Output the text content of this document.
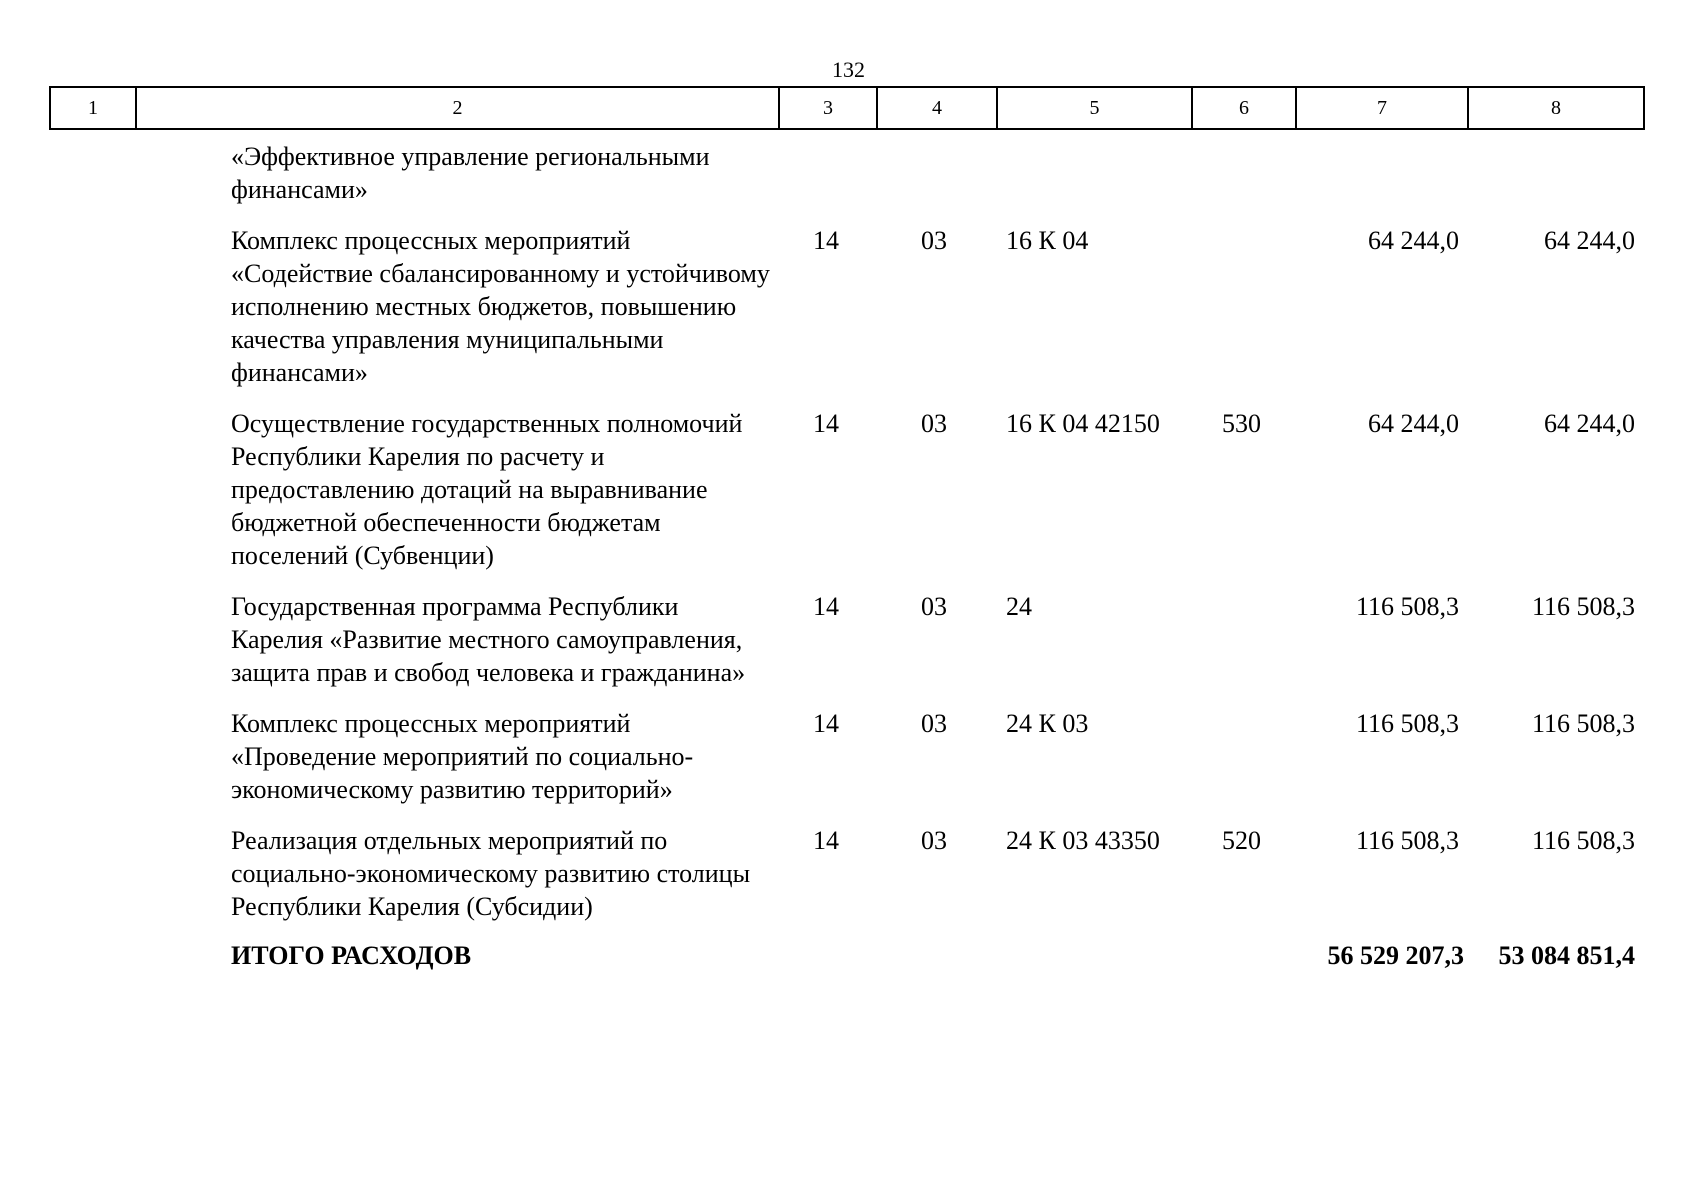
132
1	2	3	4	5	6	7	8
	«Эффективное управление региональными финансами»						
	Комплекс процессных мероприятий «Содействие сбалансированному и устойчивому исполнению местных бюджетов, повышению качества управления муниципальными финансами»	14	03	16 К 04		64 244,0	64 244,0
	Осуществление государственных полномочий Республики Карелия по расчету и предоставлению дотаций на выравнивание бюджетной обеспеченности бюджетам поселений (Субвенции)	14	03	16 К 04 42150	530	64 244,0	64 244,0
	Государственная программа Республики Карелия «Развитие местного самоуправления, защита прав и свобод человека и гражданина»	14	03	24		116 508,3	116 508,3
	Комплекс процессных мероприятий «Проведение мероприятий по социально-экономическому развитию территорий»	14	03	24 К 03		116 508,3	116 508,3
	Реализация отдельных мероприятий по социально-экономическому развитию столицы Республики Карелия (Субсидии)	14	03	24 К 03 43350	520	116 508,3	116 508,3
	ИТОГО РАСХОДОВ					56 529 207,3	53 084 851,4
